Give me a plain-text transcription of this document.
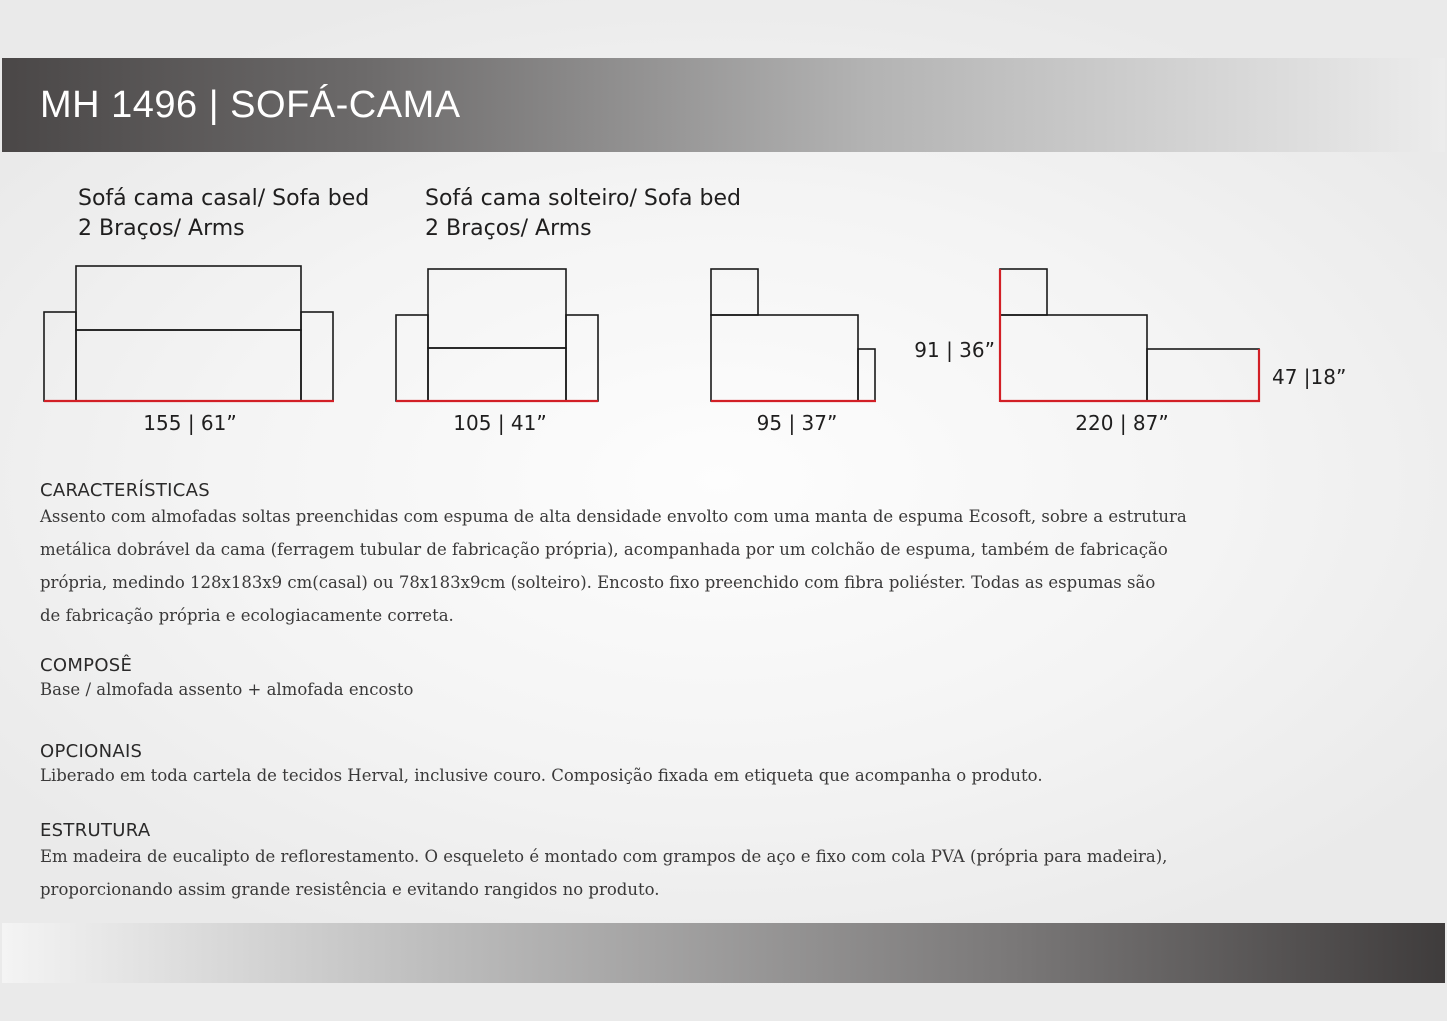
MH 1496 | SOFÁ-CAMA
Sofá cama casal/ Sofa bed
2 Braços/ Arms
Sofá cama solteiro/ Sofa bed
2 Braços/ Arms
155 | 61”	105 | 41”	95 | 37”
91 | 36”
47 |18”
220 | 87”
CARACTERÍSTICAS
Assento com almofadas soltas preenchidas com espuma de alta densidade envolto com uma manta de espuma Ecosoft, sobre a estrutura
metálica dobrável da cama (ferragem tubular de fabricação própria), acompanhada por um colchão de espuma, também de fabricação
própria, medindo 128x183x9 cm(casal) ou 78x183x9cm (solteiro). Encosto fixo preenchido com fibra poliéster. Todas as espumas são
de fabricação própria e ecologiacamente correta.
COMPOSÊ
Base / almofada assento + almofada encosto
OPCIONAIS
Liberado em toda cartela de tecidos Herval, inclusive couro. Composição fixada em etiqueta que acompanha o produto.
ESTRUTURA
Em madeira de eucalipto de reflorestamento. O esqueleto é montado com grampos de aço e fixo com cola PVA (própria para madeira),
proporcionando assim grande resistência e evitando rangidos no produto.
